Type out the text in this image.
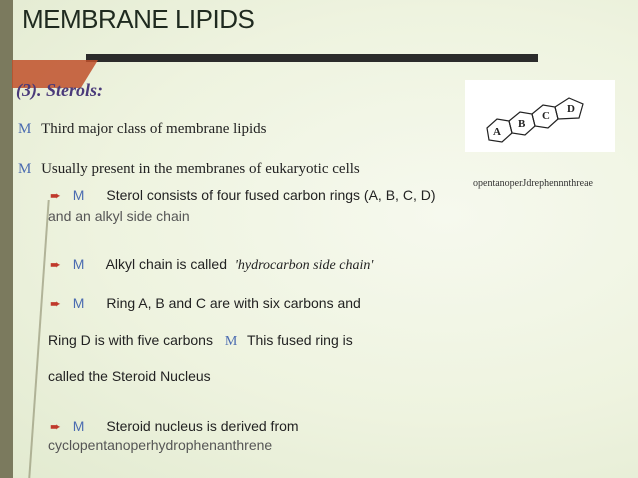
MEMBRANE LIPIDS
(3). Sterols:
M Third major class of membrane lipids
M Usually present in the membranes of eukaryotic cells
➨ M Sterol consists of four fused carbon rings (A, B, C, D)
and an alkyl side chain
➨ M Alkyl chain is called 'hydrocarbon side chain'
➨ M Ring A, B and C are with six carbons and
Ring D is with five carbons M This fused ring is
called the Steroid Nucleus
➨ M Steroid nucleus is derived from
cyclopentanoperhydrophenanthrene
A
B
C
D
opentanoperJdrephennnthreae
